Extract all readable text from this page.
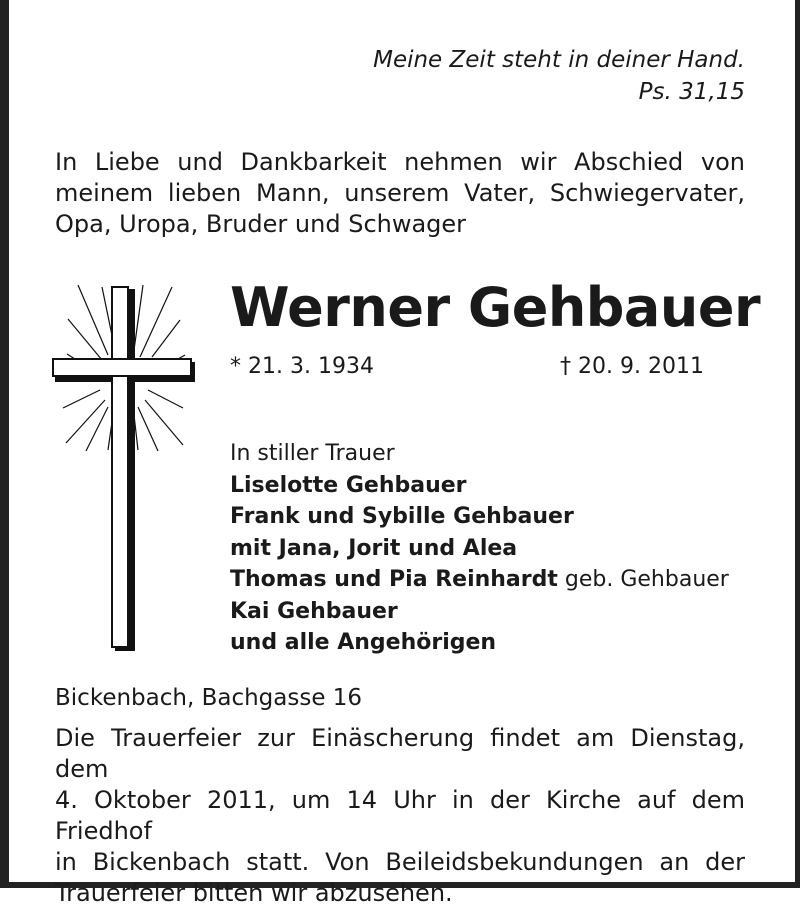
Meine Zeit steht in deiner Hand.
Ps. 31,15
In Liebe und Dankbarkeit nehmen wir Abschied von
meinem lieben Mann, unserem Vater, Schwiegervater,
Opa, Uropa, Bruder und Schwager
Werner Gehbauer
* 21. 3. 1934	† 20. 9. 2011
In stiller Trauer
Liselotte Gehbauer
Frank und Sybille Gehbauer
mit Jana, Jorit und Alea
Thomas und Pia Reinhardt geb. Gehbauer
Kai Gehbauer
und alle Angehörigen
Bickenbach, Bachgasse 16
Die Trauerfeier zur Einäscherung findet am Dienstag, dem
4. Oktober 2011, um 14 Uhr in der Kirche auf dem Friedhof
in Bickenbach statt. Von Beileidsbekundungen an der
Trauerfeier bitten wir abzusehen.
